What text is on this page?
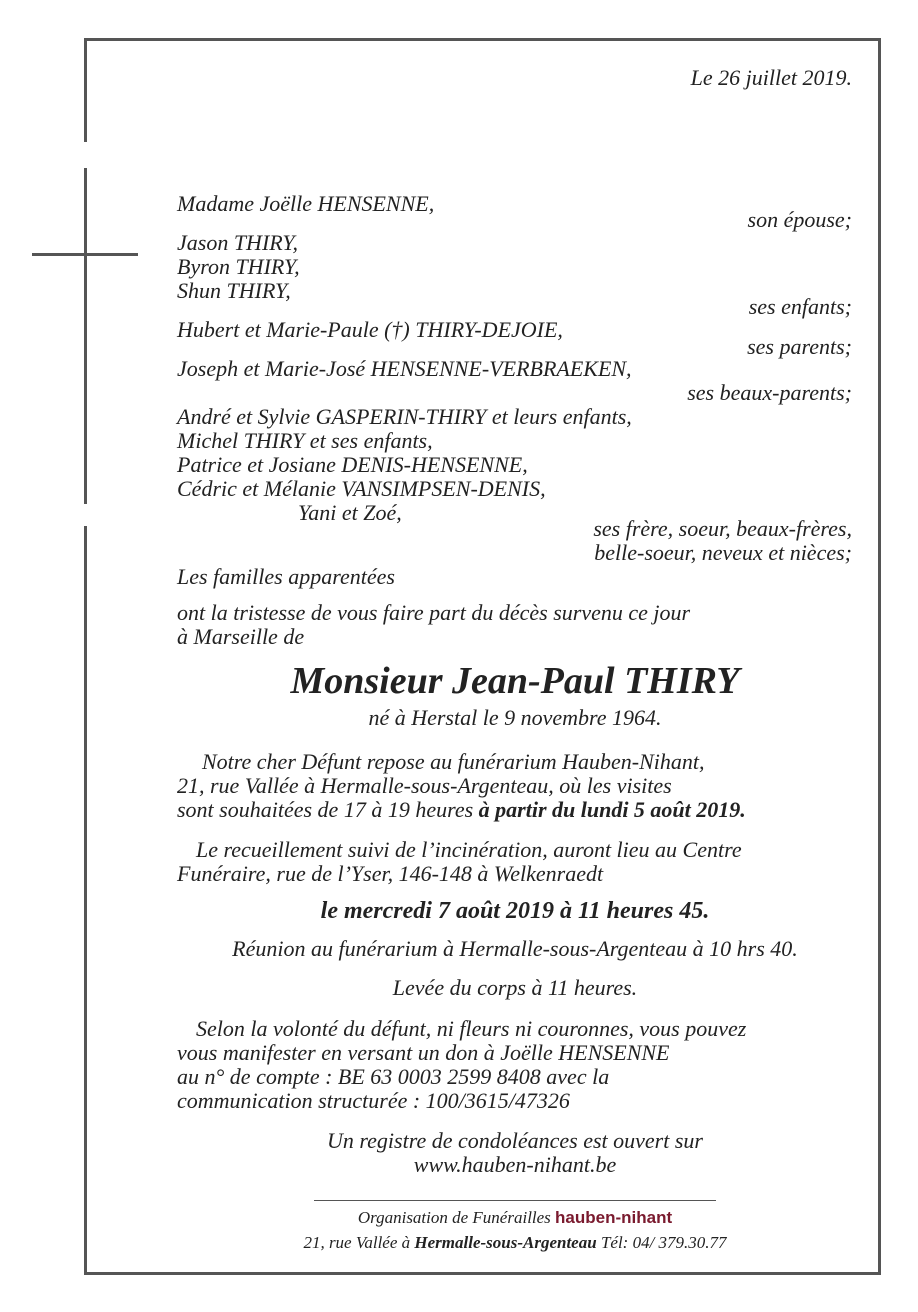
Le 26 juillet 2019.
Madame Joëlle HENSENNE,
son épouse;
Jason THIRY,
Byron THIRY,
Shun THIRY,
ses enfants;
Hubert et Marie-Paule (†) THIRY-DEJOIE,
ses parents;
Joseph et Marie-José HENSENNE-VERBRAEKEN,
ses beaux-parents;
André et Sylvie GASPERIN-THIRY et leurs enfants,
Michel THIRY et ses enfants,
Patrice et Josiane DENIS-HENSENNE,
Cédric et Mélanie VANSIMPSEN-DENIS,
Yani et Zoé,
ses frère, soeur, beaux-frères,
belle-soeur, neveux et nièces;
Les familles apparentées
ont la tristesse de vous faire part du décès survenu ce jour
à Marseille de
Monsieur Jean-Paul THIRY
né à Herstal le 9 novembre 1964.
Notre cher Défunt repose au funérarium Hauben-Nihant,
21, rue Vallée à Hermalle-sous-Argenteau, où les visites
sont souhaitées de 17 à 19 heures à partir du lundi 5 août 2019.
Le recueillement suivi de l’incinération, auront lieu au Centre
Funéraire, rue de l’Yser, 146-148 à Welkenraedt
le mercredi 7 août 2019 à 11 heures 45.
Réunion au funérarium à Hermalle-sous-Argenteau à 10 hrs 40.
Levée du corps à 11 heures.
Selon la volonté du défunt, ni fleurs ni couronnes, vous pouvez
vous manifester en versant un don à Joëlle HENSENNE
au n° de compte : BE 63 0003 2599 8408 avec la
communication structurée : 100/3615/47326
Un registre de condoléances est ouvert sur
www.hauben-nihant.be
Organisation de Funérailles hauben-nihant
21, rue Vallée à Hermalle-sous-Argenteau Tél: 04/ 379.30.77
